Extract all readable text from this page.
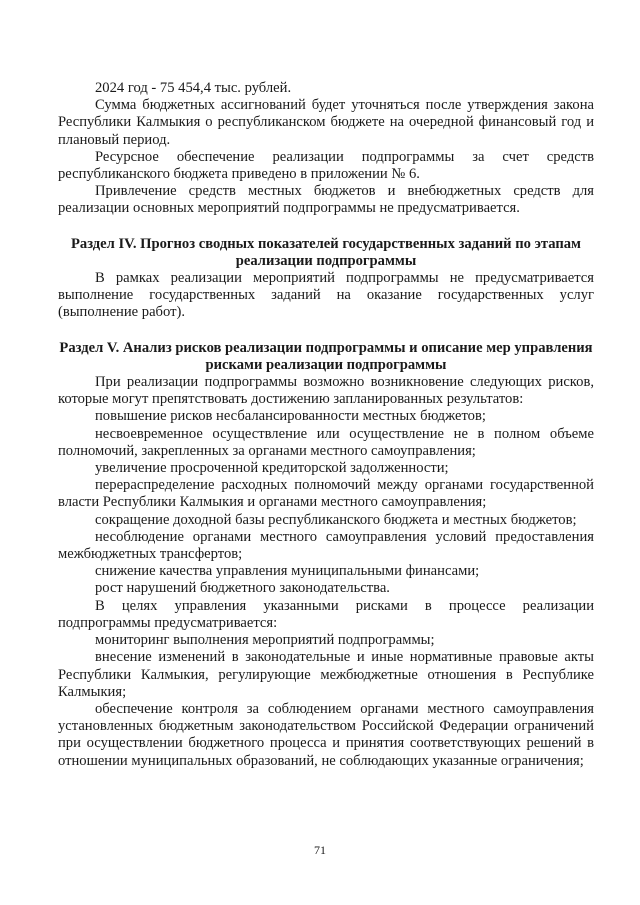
2024 год - 75 454,4 тыс. рублей.

Сумма бюджетных ассигнований будет уточняться после утверждения закона Республики Калмыкия о республиканском бюджете на очередной финансовый год и плановый период.

Ресурсное обеспечение реализации подпрограммы за счет средств республиканского бюджета приведено в приложении № 6.

Привлечение средств местных бюджетов и внебюджетных средств для реализации основных мероприятий подпрограммы не предусматривается.

Раздел IV. Прогноз сводных показателей государственных заданий по этапам реализации подпрограммы

В рамках реализации мероприятий подпрограммы не предусматривается выполнение государственных заданий на оказание государственных услуг (выполнение работ).

Раздел V. Анализ рисков реализации подпрограммы и описание мер управления рисками реализации подпрограммы

При реализации подпрограммы возможно возникновение следующих рисков, которые могут препятствовать достижению запланированных результатов:

повышение рисков несбалансированности местных бюджетов;

несвоевременное осуществление или осуществление не в полном объеме полномочий, закрепленных за органами местного самоуправления;

увеличение просроченной кредиторской задолженности;

перераспределение расходных полномочий между органами государственной власти Республики Калмыкия и органами местного самоуправления;

сокращение доходной базы республиканского бюджета и местных бюджетов;

несоблюдение органами местного самоуправления условий предоставления межбюджетных трансфертов;

снижение качества управления муниципальными финансами;

рост нарушений бюджетного законодательства.

В целях управления указанными рисками в процессе реализации подпрограммы предусматривается:

мониторинг выполнения мероприятий подпрограммы;

внесение изменений в законодательные и иные нормативные правовые акты Республики Калмыкия, регулирующие межбюджетные отношения в Республике Калмыкия;

обеспечение контроля за соблюдением органами местного самоуправления установленных бюджетным законодательством Российской Федерации ограничений при осуществлении бюджетного процесса и принятия соответствующих решений в отношении муниципальных образований, не соблюдающих указанные ограничения;

71
